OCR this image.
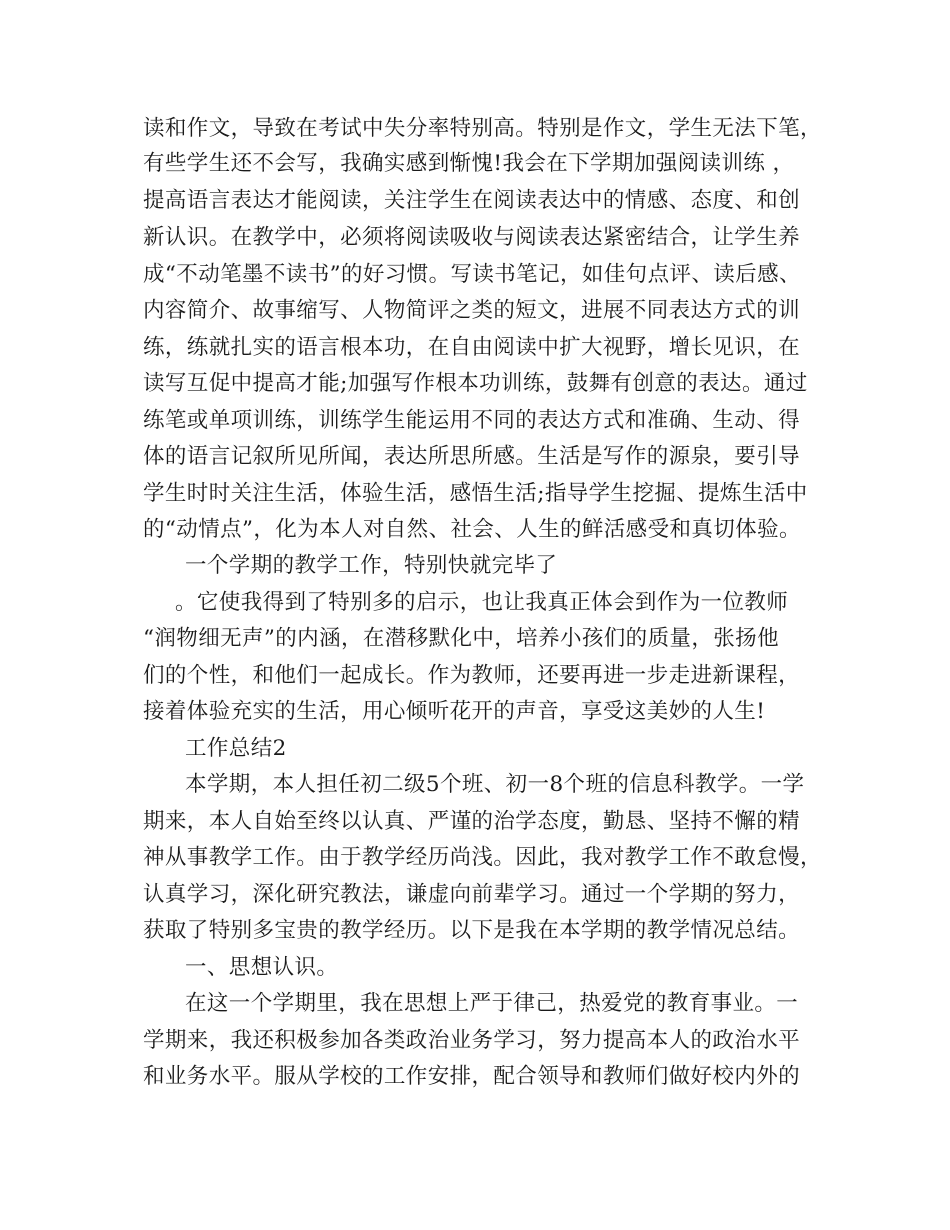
读和作文，导致在考试中失分率特别高。特别是作文，学生无法下笔，
有些学生还不会写，我确实感到惭愧!我会在下学期加强阅读训练 ，
提高语言表达才能阅读，关注学生在阅读表达中的情感、态度、和创
新认识。在教学中，必须将阅读吸收与阅读表达紧密结合，让学生养
成“不动笔墨不读书”的好习惯。写读书笔记，如佳句点评、读后感、
内容简介、故事缩写、人物简评之类的短文，进展不同表达方式的训
练，练就扎实的语言根本功，在自由阅读中扩大视野，增长见识，在
读写互促中提高才能;加强写作根本功训练，鼓舞有创意的表达。通过
练笔或单项训练，训练学生能运用不同的表达方式和准确、生动、得
体的语言记叙所见所闻，表达所思所感。生活是写作的源泉，要引导
学生时时关注生活，体验生活，感悟生活;指导学生挖掘、提炼生活中
的“动情点”，化为本人对自然、社会、人生的鲜活感受和真切体验。
一个学期的教学工作，特别快就完毕了
。它使我得到了特别多的启示，也让我真正体会到作为一位教师
“润物细无声”的内涵，在潜移默化中，培养小孩们的质量，张扬他
们的个性，和他们一起成长。作为教师，还要再进一步走进新课程，
接着体验充实的生活，用心倾听花开的声音，享受这美妙的人生!
工作总结2
本学期，本人担任初二级5个班、初一8个班的信息科教学。一学
期来，本人自始至终以认真、严谨的治学态度，勤恳、坚持不懈的精
神从事教学工作。由于教学经历尚浅。因此，我对教学工作不敢怠慢，
认真学习，深化研究教法，谦虚向前辈学习。通过一个学期的努力，
获取了特别多宝贵的教学经历。以下是我在本学期的教学情况总结。
一、思想认识。
在这一个学期里，我在思想上严于律己，热爱党的教育事业。一
学期来，我还积极参加各类政治业务学习，努力提高本人的政治水平
和业务水平。服从学校的工作安排，配合领导和教师们做好校内外的
